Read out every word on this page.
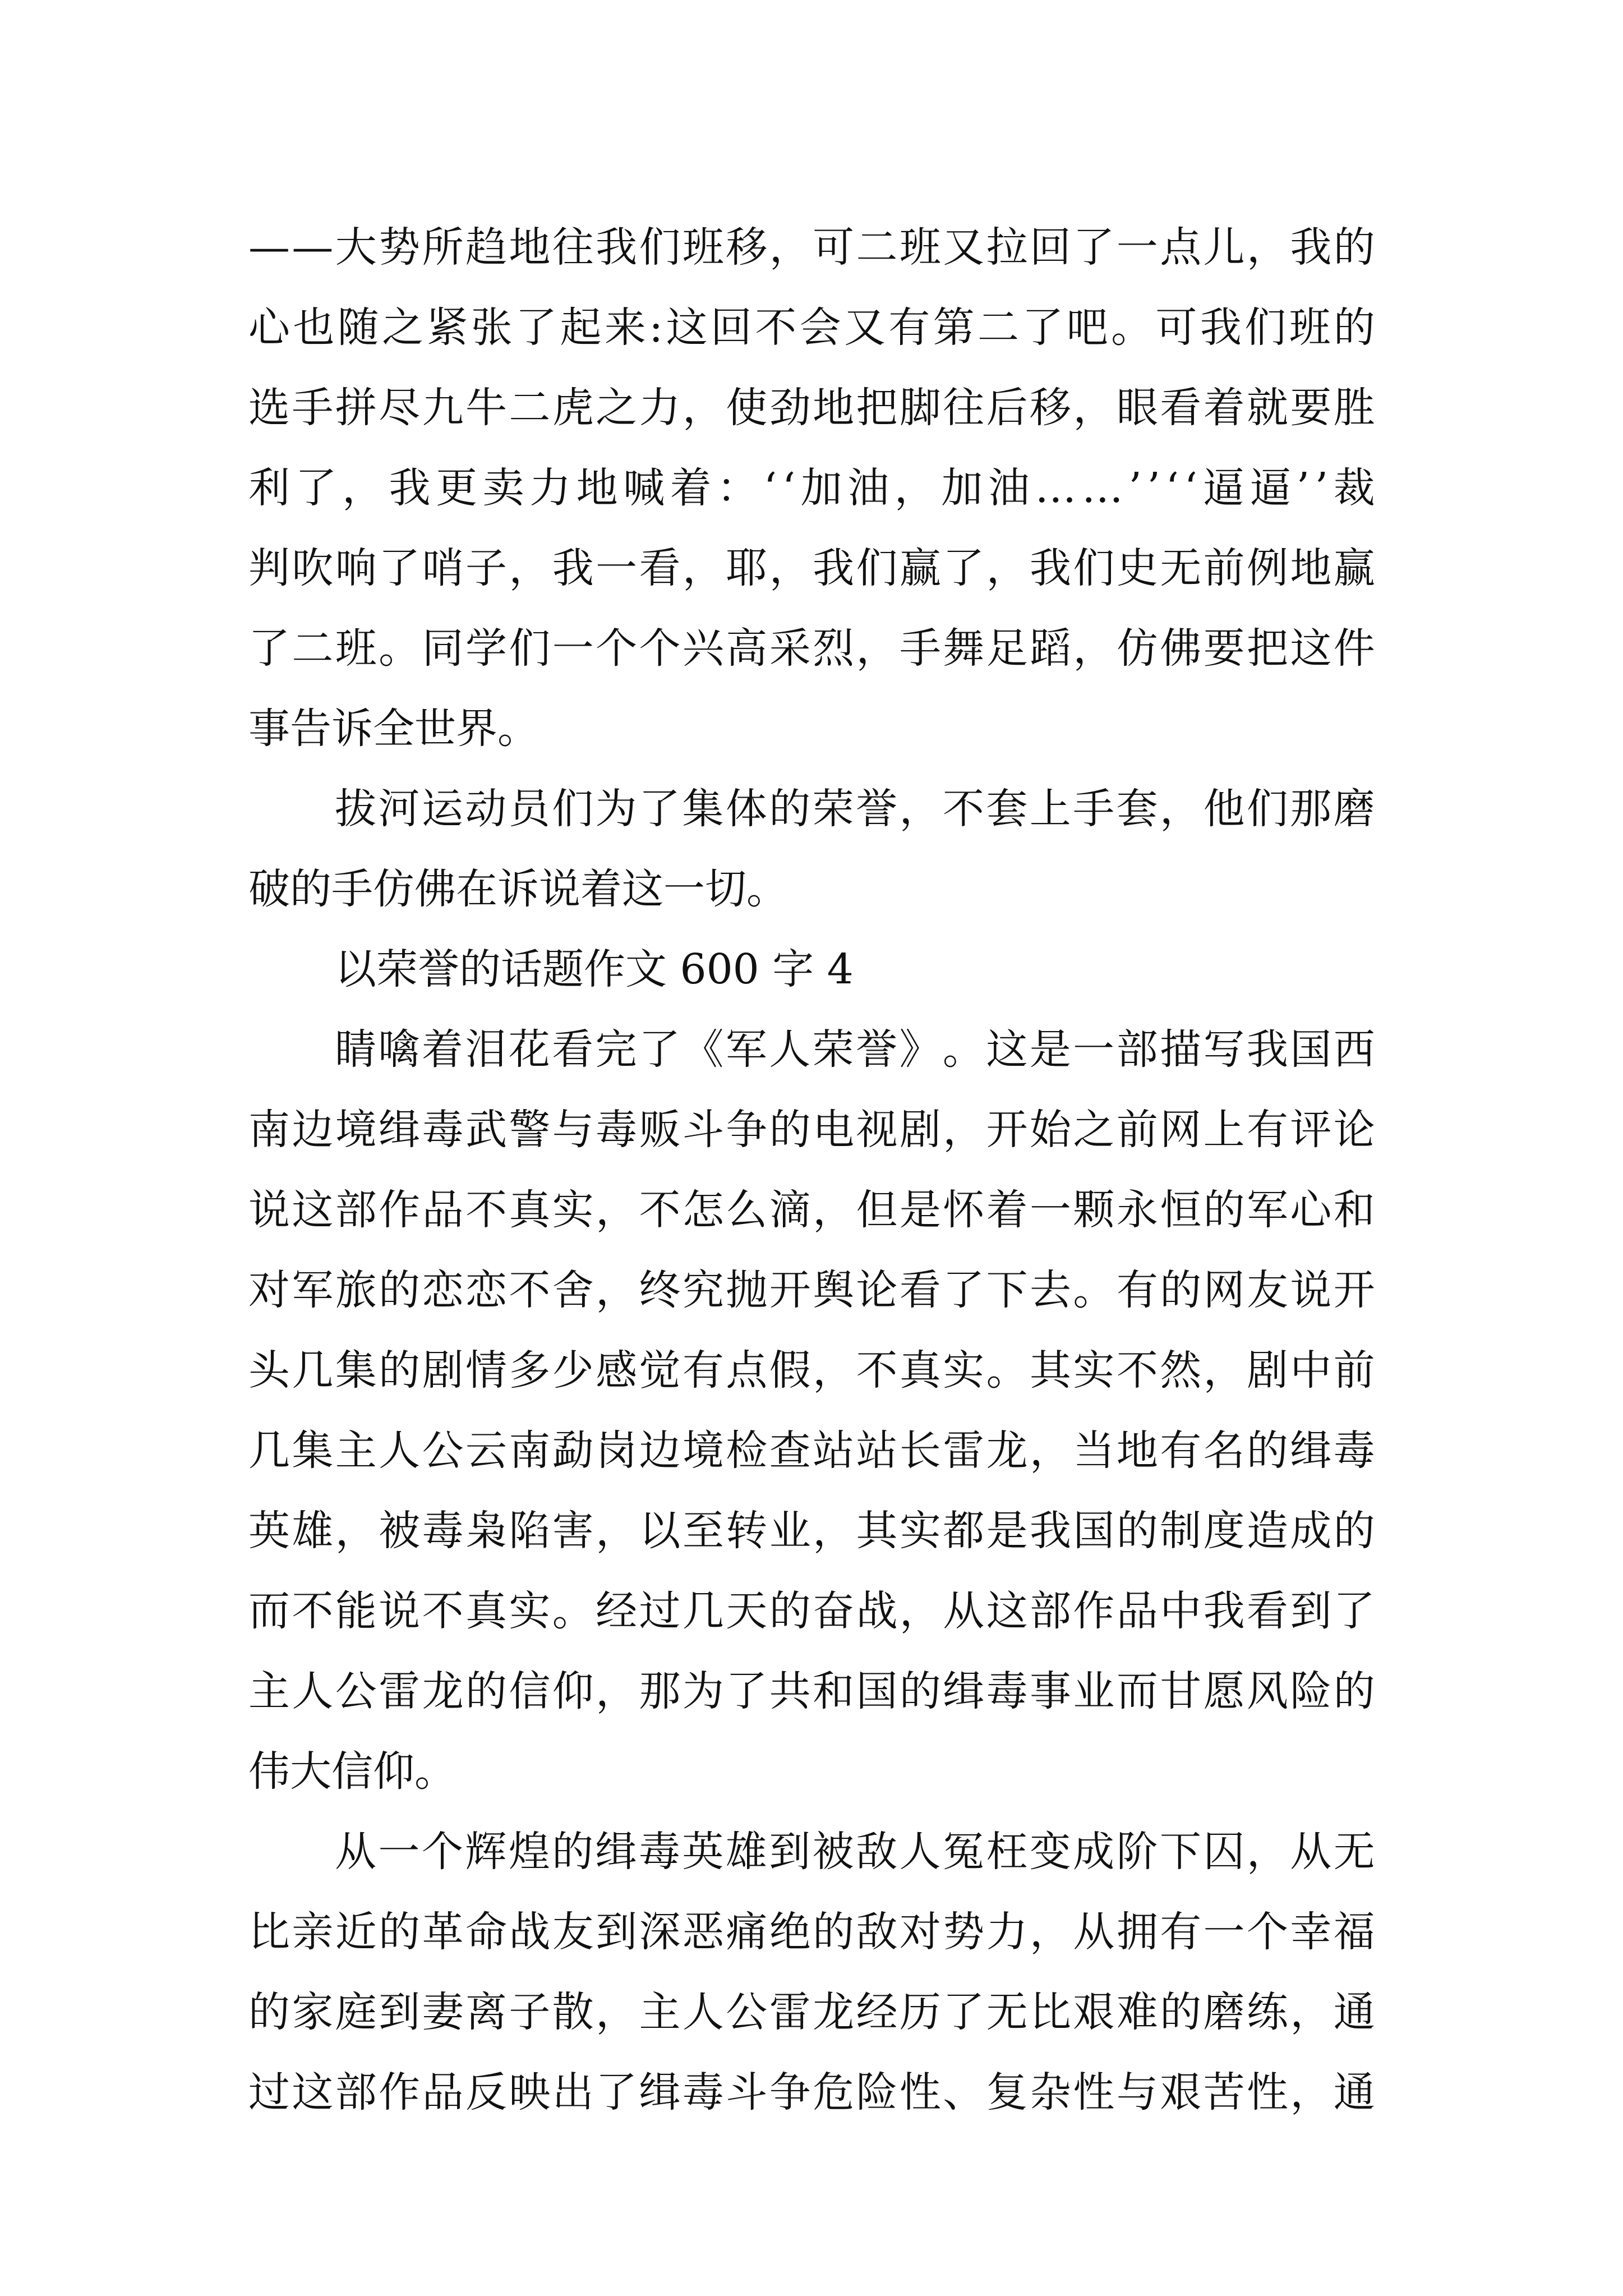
— — 大 势 所 趋 地 往 我 们 班 移 ， 可 二 班 又 拉 回 了 一 点 儿 ， 我 的
心 也 随 之 紧 张 了 起 来 : 这 回 不 会 又 有 第 二 了 吧 。 可 我 们 班 的
选 手 拼 尽 九 牛 二 虎 之 力 ， 使 劲 地 把 脚 往 后 移 ， 眼 看 着 就 要 胜
利 了 ， 我 更 卖 力 地 喊 着 ： ‘ ‘ 加 油 ， 加 油 … … ’ ’ ‘ ‘ 逼 逼 ’ ’ 裁
判 吹 响 了 哨 子 ， 我 一 看 ， 耶 ， 我 们 赢 了 ， 我 们 史 无 前 例 地 赢
了 二 班 。 同 学 们 一 个 个 兴 高 采 烈 ， 手 舞 足 蹈 ， 仿 佛 要 把 这 件
事告诉全世界。
拔 河 运 动 员 们 为 了 集 体 的 荣 誉 ， 不 套 上 手 套 ， 他 们 那 磨
破的手仿佛在诉说着这一切。
以荣誉的话题作文 600 字 4
睛 噙 着 泪 花 看 完 了 《 军 人 荣 誉 》 。 这 是 一 部 描 写 我 国 西
南 边 境 缉 毒 武 警 与 毒 贩 斗 争 的 电 视 剧 ， 开 始 之 前 网 上 有 评 论
说 这 部 作 品 不 真 实 ， 不 怎 么 滴 ， 但 是 怀 着 一 颗 永 恒 的 军 心 和
对 军 旅 的 恋 恋 不 舍 ， 终 究 抛 开 舆 论 看 了 下 去 。 有 的 网 友 说 开
头 几 集 的 剧 情 多 少 感 觉 有 点 假 ， 不 真 实 。 其 实 不 然 ， 剧 中 前
几 集 主 人 公 云 南 勐 岗 边 境 检 查 站 站 长 雷 龙 ， 当 地 有 名 的 缉 毒
英 雄 ， 被 毒 枭 陷 害 ， 以 至 转 业 ， 其 实 都 是 我 国 的 制 度 造 成 的
而 不 能 说 不 真 实 。 经 过 几 天 的 奋 战 ， 从 这 部 作 品 中 我 看 到 了
主 人 公 雷 龙 的 信 仰 ， 那 为 了 共 和 国 的 缉 毒 事 业 而 甘 愿 风 险 的
伟大信仰。
从 一 个 辉 煌 的 缉 毒 英 雄 到 被 敌 人 冤 枉 变 成 阶 下 囚 ， 从 无
比 亲 近 的 革 命 战 友 到 深 恶 痛 绝 的 敌 对 势 力 ， 从 拥 有 一 个 幸 福
的 家 庭 到 妻 离 子 散 ， 主 人 公 雷 龙 经 历 了 无 比 艰 难 的 磨 练 ， 通
过 这 部 作 品 反 映 出 了 缉 毒 斗 争 危 险 性 、 复 杂 性 与 艰 苦 性 ， 通
